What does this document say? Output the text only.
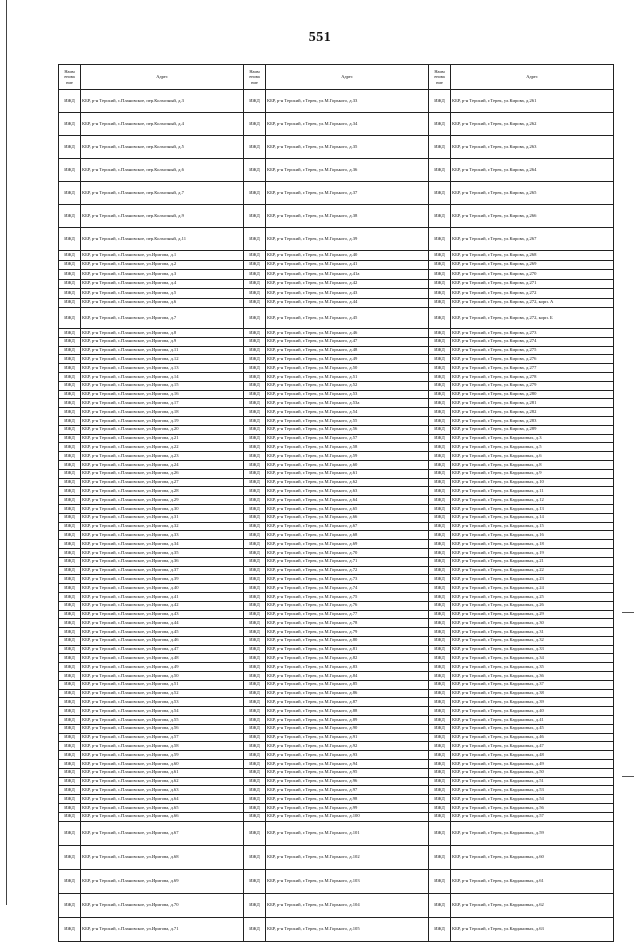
551
Наим
енова
ние	Адрес	Наим
енова
ние	Адрес	Наим
енова
ние	Адрес
ИЖД	КБР, р-н Терский, с.Плановское, пер.Колхозный, д.3	ИЖД	КБР, р-н Терский, г.Терек, ул.М.Горького, д.33	ИЖД	КБР, р-н Терский, г.Терек, ул.Кирова, д.261
ИЖД	КБР, р-н Терский, с.Плановское, пер.Колхозный, д.4	ИЖД	КБР, р-н Терский, г.Терек, ул.М.Горького, д.34	ИЖД	КБР, р-н Терский, г.Терек, ул.Кирова, д.262
ИЖД	КБР, р-н Терский, с.Плановское, пер.Колхозный, д.5	ИЖД	КБР, р-н Терский, г.Терек, ул.М.Горького, д.35	ИЖД	КБР, р-н Терский, г.Терек, ул.Кирова, д.263
ИЖД	КБР, р-н Терский, с.Плановское, пер.Колхозный, д.6	ИЖД	КБР, р-н Терский, г.Терек, ул.М.Горького, д.36	ИЖД	КБР, р-н Терский, г.Терек, ул.Кирова, д.264
ИЖД	КБР, р-н Терский, с.Плановское, пер.Колхозный, д.7	ИЖД	КБР, р-н Терский, г.Терек, ул.М.Горького, д.37	ИЖД	КБР, р-н Терский, г.Терек, ул.Кирова, д.265
ИЖД	КБР, р-н Терский, с.Плановское, пер.Колхозный, д.9	ИЖД	КБР, р-н Терский, г.Терек, ул.М.Горького, д.38	ИЖД	КБР, р-н Терский, г.Терек, ул.Кирова, д.266
ИЖД	КБР, р-н Терский, с.Плановское, пер.Колхозный, д.11	ИЖД	КБР, р-н Терский, г.Терек, ул.М.Горького, д.39	ИЖД	КБР, р-н Терский, г.Терек, ул.Кирова, д.267
ИЖД	КБР, р-н Терский, с.Плановское, ул.Иригова, д.1	ИЖД	КБР, р-н Терский, г.Терек, ул.М.Горького, д.40	ИЖД	КБР, р-н Терский, г.Терек, ул.Кирова, д.268
ИЖД	КБР, р-н Терский, с.Плановское, ул.Иригова, д.2	ИЖД	КБР, р-н Терский, г.Терек, ул.М.Горького, д.41	ИЖД	КБР, р-н Терский, г.Терек, ул.Кирова, д.269
ИЖД	КБР, р-н Терский, с.Плановское, ул.Иригова, д.3	ИЖД	КБР, р-н Терский, г.Терек, ул.М.Горького, д.41а	ИЖД	КБР, р-н Терский, г.Терек, ул.Кирова, д.270
ИЖД	КБР, р-н Терский, с.Плановское, ул.Иригова, д.4	ИЖД	КБР, р-н Терский, г.Терек, ул.М.Горького, д.42	ИЖД	КБР, р-н Терский, г.Терек, ул.Кирова, д.271
ИЖД	КБР, р-н Терский, с.Плановское, ул.Иригова, д.5	ИЖД	КБР, р-н Терский, г.Терек, ул.М.Горького, д.43	ИЖД	КБР, р-н Терский, г.Терек, ул.Кирова, д.272
ИЖД	КБР, р-н Терский, с.Плановское, ул.Иригова, д.6	ИЖД	КБР, р-н Терский, г.Терек, ул.М.Горького, д.44	ИЖД	КБР, р-н Терский, г.Терек, ул.Кирова, д.272, корп. А
ИЖД	КБР, р-н Терский, с.Плановское, ул.Иригова, д.7	ИЖД	КБР, р-н Терский, г.Терек, ул.М.Горького, д.45	ИЖД	КБР, р-н Терский, г.Терек, ул.Кирова, д.272, корп. Б
ИЖД	КБР, р-н Терский, с.Плановское, ул.Иригова, д.8	ИЖД	КБР, р-н Терский, г.Терек, ул.М.Горького, д.46	ИЖД	КБР, р-н Терский, г.Терек, ул.Кирова, д.273
ИЖД	КБР, р-н Терский, с.Плановское, ул.Иригова, д.9	ИЖД	КБР, р-н Терский, г.Терек, ул.М.Горького, д.47	ИЖД	КБР, р-н Терский, г.Терек, ул.Кирова, д.274
ИЖД	КБР, р-н Терский, с.Плановское, ул.Иригова, д.11	ИЖД	КБР, р-н Терский, г.Терек, ул.М.Горького, д.48	ИЖД	КБР, р-н Терский, г.Терек, ул.Кирова, д.275
ИЖД	КБР, р-н Терский, с.Плановское, ул.Иригова, д.12	ИЖД	КБР, р-н Терский, г.Терек, ул.М.Горького, д.49	ИЖД	КБР, р-н Терский, г.Терек, ул.Кирова, д.276
ИЖД	КБР, р-н Терский, с.Плановское, ул.Иригова, д.13	ИЖД	КБР, р-н Терский, г.Терек, ул.М.Горького, д.50	ИЖД	КБР, р-н Терский, г.Терек, ул.Кирова, д.277
ИЖД	КБР, р-н Терский, с.Плановское, ул.Иригова, д.14	ИЖД	КБР, р-н Терский, г.Терек, ул.М.Горького, д.51	ИЖД	КБР, р-н Терский, г.Терек, ул.Кирова, д.278
ИЖД	КБР, р-н Терский, с.Плановское, ул.Иригова, д.15	ИЖД	КБР, р-н Терский, г.Терек, ул.М.Горького, д.52	ИЖД	КБР, р-н Терский, г.Терек, ул.Кирова, д.279
ИЖД	КБР, р-н Терский, с.Плановское, ул.Иригова, д.16	ИЖД	КБР, р-н Терский, г.Терек, ул.М.Горького, д.53	ИЖД	КБР, р-н Терский, г.Терек, ул.Кирова, д.280
ИЖД	КБР, р-н Терский, с.Плановское, ул.Иригова, д.17	ИЖД	КБР, р-н Терский, г.Терек, ул.М.Горького, д.53а	ИЖД	КБР, р-н Терский, г.Терек, ул.Кирова, д.281
ИЖД	КБР, р-н Терский, с.Плановское, ул.Иригова, д.18	ИЖД	КБР, р-н Терский, г.Терек, ул.М.Горького, д.54	ИЖД	КБР, р-н Терский, г.Терек, ул.Кирова, д.282
ИЖД	КБР, р-н Терский, с.Плановское, ул.Иригова, д.19	ИЖД	КБР, р-н Терский, г.Терек, ул.М.Горького, д.55	ИЖД	КБР, р-н Терский, г.Терек, ул.Кирова, д.283
ИЖД	КБР, р-н Терский, с.Плановское, ул.Иригова, д.20	ИЖД	КБР, р-н Терский, г.Терек, ул.М.Горького, д.56	ИЖД	КБР, р-н Терский, г.Терек, ул.Кирова, д.289
ИЖД	КБР, р-н Терский, с.Плановское, ул.Иригова, д.21	ИЖД	КБР, р-н Терский, г.Терек, ул.М.Горького, д.57	ИЖД	КБР, р-н Терский, г.Терек, ул.Кардановых, д.3
ИЖД	КБР, р-н Терский, с.Плановское, ул.Иригова, д.22	ИЖД	КБР, р-н Терский, г.Терек, ул.М.Горького, д.58	ИЖД	КБР, р-н Терский, г.Терек, ул.Кардановых, д.5
ИЖД	КБР, р-н Терский, с.Плановское, ул.Иригова, д.23	ИЖД	КБР, р-н Терский, г.Терек, ул.М.Горького, д.59	ИЖД	КБР, р-н Терский, г.Терек, ул.Кардановых, д.6
ИЖД	КБР, р-н Терский, с.Плановское, ул.Иригова, д.24	ИЖД	КБР, р-н Терский, г.Терек, ул.М.Горького, д.60	ИЖД	КБР, р-н Терский, г.Терек, ул.Кардановых, д.8
ИЖД	КБР, р-н Терский, с.Плановское, ул.Иригова, д.26	ИЖД	КБР, р-н Терский, г.Терек, ул.М.Горького, д.61	ИЖД	КБР, р-н Терский, г.Терек, ул.Кардановых, д.9
ИЖД	КБР, р-н Терский, с.Плановское, ул.Иригова, д.27	ИЖД	КБР, р-н Терский, г.Терек, ул.М.Горького, д.62	ИЖД	КБР, р-н Терский, г.Терек, ул.Кардановых, д.10
ИЖД	КБР, р-н Терский, с.Плановское, ул.Иригова, д.28	ИЖД	КБР, р-н Терский, г.Терек, ул.М.Горького, д.63	ИЖД	КБР, р-н Терский, г.Терек, ул.Кардановых, д.11
ИЖД	КБР, р-н Терский, с.Плановское, ул.Иригова, д.29	ИЖД	КБР, р-н Терский, г.Терек, ул.М.Горького, д.64	ИЖД	КБР, р-н Терский, г.Терек, ул.Кардановых, д.12
ИЖД	КБР, р-н Терский, с.Плановское, ул.Иригова, д.30	ИЖД	КБР, р-н Терский, г.Терек, ул.М.Горького, д.65	ИЖД	КБР, р-н Терский, г.Терек, ул.Кардановых, д.13
ИЖД	КБР, р-н Терский, с.Плановское, ул.Иригова, д.31	ИЖД	КБР, р-н Терский, г.Терек, ул.М.Горького, д.66	ИЖД	КБР, р-н Терский, г.Терек, ул.Кардановых, д.14
ИЖД	КБР, р-н Терский, с.Плановское, ул.Иригова, д.32	ИЖД	КБР, р-н Терский, г.Терек, ул.М.Горького, д.67	ИЖД	КБР, р-н Терский, г.Терек, ул.Кардановых, д.15
ИЖД	КБР, р-н Терский, с.Плановское, ул.Иригова, д.33	ИЖД	КБР, р-н Терский, г.Терек, ул.М.Горького, д.68	ИЖД	КБР, р-н Терский, г.Терек, ул.Кардановых, д.16
ИЖД	КБР, р-н Терский, с.Плановское, ул.Иригова, д.34	ИЖД	КБР, р-н Терский, г.Терек, ул.М.Горького, д.69	ИЖД	КБР, р-н Терский, г.Терек, ул.Кардановых, д.18
ИЖД	КБР, р-н Терский, с.Плановское, ул.Иригова, д.35	ИЖД	КБР, р-н Терский, г.Терек, ул.М.Горького, д.70	ИЖД	КБР, р-н Терский, г.Терек, ул.Кардановых, д.19
ИЖД	КБР, р-н Терский, с.Плановское, ул.Иригова, д.36	ИЖД	КБР, р-н Терский, г.Терек, ул.М.Горького, д.71	ИЖД	КБР, р-н Терский, г.Терек, ул.Кардановых, д.21
ИЖД	КБР, р-н Терский, с.Плановское, ул.Иригова, д.37	ИЖД	КБР, р-н Терский, г.Терек, ул.М.Горького, д.72	ИЖД	КБР, р-н Терский, г.Терек, ул.Кардановых, д.22
ИЖД	КБР, р-н Терский, с.Плановское, ул.Иригова, д.39	ИЖД	КБР, р-н Терский, г.Терек, ул.М.Горького, д.73	ИЖД	КБР, р-н Терский, г.Терек, ул.Кардановых, д.23
ИЖД	КБР, р-н Терский, с.Плановское, ул.Иригова, д.40	ИЖД	КБР, р-н Терский, г.Терек, ул.М.Горького, д.74	ИЖД	КБР, р-н Терский, г.Терек, ул.Кардановых, д.24
ИЖД	КБР, р-н Терский, с.Плановское, ул.Иригова, д.41	ИЖД	КБР, р-н Терский, г.Терек, ул.М.Горького, д.75	ИЖД	КБР, р-н Терский, г.Терек, ул.Кардановых, д.25
ИЖД	КБР, р-н Терский, с.Плановское, ул.Иригова, д.42	ИЖД	КБР, р-н Терский, г.Терек, ул.М.Горького, д.76	ИЖД	КБР, р-н Терский, г.Терек, ул.Кардановых, д.26
ИЖД	КБР, р-н Терский, с.Плановское, ул.Иригова, д.43	ИЖД	КБР, р-н Терский, г.Терек, ул.М.Горького, д.77	ИЖД	КБР, р-н Терский, г.Терек, ул.Кардановых, д.29
ИЖД	КБР, р-н Терский, с.Плановское, ул.Иригова, д.44	ИЖД	КБР, р-н Терский, г.Терек, ул.М.Горького, д.78	ИЖД	КБР, р-н Терский, г.Терек, ул.Кардановых, д.30
ИЖД	КБР, р-н Терский, с.Плановское, ул.Иригова, д.45	ИЖД	КБР, р-н Терский, г.Терек, ул.М.Горького, д.79	ИЖД	КБР, р-н Терский, г.Терек, ул.Кардановых, д.31
ИЖД	КБР, р-н Терский, с.Плановское, ул.Иригова, д.46	ИЖД	КБР, р-н Терский, г.Терек, ул.М.Горького, д.80	ИЖД	КБР, р-н Терский, г.Терек, ул.Кардановых, д.32
ИЖД	КБР, р-н Терский, с.Плановское, ул.Иригова, д.47	ИЖД	КБР, р-н Терский, г.Терек, ул.М.Горького, д.81	ИЖД	КБР, р-н Терский, г.Терек, ул.Кардановых, д.33
ИЖД	КБР, р-н Терский, с.Плановское, ул.Иригова, д.48	ИЖД	КБР, р-н Терский, г.Терек, ул.М.Горького, д.82	ИЖД	КБР, р-н Терский, г.Терек, ул.Кардановых, д.34
ИЖД	КБР, р-н Терский, с.Плановское, ул.Иригова, д.49	ИЖД	КБР, р-н Терский, г.Терек, ул.М.Горького, д.83	ИЖД	КБР, р-н Терский, г.Терек, ул.Кардановых, д.35
ИЖД	КБР, р-н Терский, с.Плановское, ул.Иригова, д.50	ИЖД	КБР, р-н Терский, г.Терек, ул.М.Горького, д.84	ИЖД	КБР, р-н Терский, г.Терек, ул.Кардановых, д.36
ИЖД	КБР, р-н Терский, с.Плановское, ул.Иригова, д.51	ИЖД	КБР, р-н Терский, г.Терек, ул.М.Горького, д.85	ИЖД	КБР, р-н Терский, г.Терек, ул.Кардановых, д.37
ИЖД	КБР, р-н Терский, с.Плановское, ул.Иригова, д.52	ИЖД	КБР, р-н Терский, г.Терек, ул.М.Горького, д.86	ИЖД	КБР, р-н Терский, г.Терек, ул.Кардановых, д.38
ИЖД	КБР, р-н Терский, с.Плановское, ул.Иригова, д.53	ИЖД	КБР, р-н Терский, г.Терек, ул.М.Горького, д.87	ИЖД	КБР, р-н Терский, г.Терек, ул.Кардановых, д.39
ИЖД	КБР, р-н Терский, с.Плановское, ул.Иригова, д.54	ИЖД	КБР, р-н Терский, г.Терек, ул.М.Горького, д.88	ИЖД	КБР, р-н Терский, г.Терек, ул.Кардановых, д.40
ИЖД	КБР, р-н Терский, с.Плановское, ул.Иригова, д.55	ИЖД	КБР, р-н Терский, г.Терек, ул.М.Горького, д.89	ИЖД	КБР, р-н Терский, г.Терек, ул.Кардановых, д.41
ИЖД	КБР, р-н Терский, с.Плановское, ул.Иригова, д.56	ИЖД	КБР, р-н Терский, г.Терек, ул.М.Горького, д.90	ИЖД	КБР, р-н Терский, г.Терек, ул.Кардановых, д.45
ИЖД	КБР, р-н Терский, с.Плановское, ул.Иригова, д.57	ИЖД	КБР, р-н Терский, г.Терек, ул.М.Горького, д.91	ИЖД	КБР, р-н Терский, г.Терек, ул.Кардановых, д.46
ИЖД	КБР, р-н Терский, с.Плановское, ул.Иригова, д.58	ИЖД	КБР, р-н Терский, г.Терек, ул.М.Горького, д.92	ИЖД	КБР, р-н Терский, г.Терек, ул.Кардановых, д.47
ИЖД	КБР, р-н Терский, с.Плановское, ул.Иригова, д.59	ИЖД	КБР, р-н Терский, г.Терек, ул.М.Горького, д.93	ИЖД	КБР, р-н Терский, г.Терек, ул.Кардановых, д.48
ИЖД	КБР, р-н Терский, с.Плановское, ул.Иригова, д.60	ИЖД	КБР, р-н Терский, г.Терек, ул.М.Горького, д.94	ИЖД	КБР, р-н Терский, г.Терек, ул.Кардановых, д.49
ИЖД	КБР, р-н Терский, с.Плановское, ул.Иригова, д.61	ИЖД	КБР, р-н Терский, г.Терек, ул.М.Горького, д.95	ИЖД	КБР, р-н Терский, г.Терек, ул.Кардановых, д.50
ИЖД	КБР, р-н Терский, с.Плановское, ул.Иригова, д.62	ИЖД	КБР, р-н Терский, г.Терек, ул.М.Горького, д.96	ИЖД	КБР, р-н Терский, г.Терек, ул.Кардановых, д.51
ИЖД	КБР, р-н Терский, с.Плановское, ул.Иригова, д.63	ИЖД	КБР, р-н Терский, г.Терек, ул.М.Горького, д.97	ИЖД	КБР, р-н Терский, г.Терек, ул.Кардановых, д.53
ИЖД	КБР, р-н Терский, с.Плановское, ул.Иригова, д.64	ИЖД	КБР, р-н Терский, г.Терек, ул.М.Горького, д.98	ИЖД	КБР, р-н Терский, г.Терек, ул.Кардановых, д.54
ИЖД	КБР, р-н Терский, с.Плановское, ул.Иригова, д.65	ИЖД	КБР, р-н Терский, г.Терек, ул.М.Горького, д.99	ИЖД	КБР, р-н Терский, г.Терек, ул.Кардановых, д.56
ИЖД	КБР, р-н Терский, с.Плановское, ул.Иригова, д.66	ИЖД	КБР, р-н Терский, г.Терек, ул.М.Горького, д.100	ИЖД	КБР, р-н Терский, г.Терек, ул.Кардановых, д.57
ИЖД	КБР, р-н Терский, с.Плановское, ул.Иригова, д.67	ИЖД	КБР, р-н Терский, г.Терек, ул.М.Горького, д.101	ИЖД	КБР, р-н Терский, г.Терек, ул.Кардановых, д.59
ИЖД	КБР, р-н Терский, с.Плановское, ул.Иригова, д.68	ИЖД	КБР, р-н Терский, г.Терек, ул.М.Горького, д.102	ИЖД	КБР, р-н Терский, г.Терек, ул.Кардановых, д.60
ИЖД	КБР, р-н Терский, с.Плановское, ул.Иригова, д.69	ИЖД	КБР, р-н Терский, г.Терек, ул.М.Горького, д.103	ИЖД	КБР, р-н Терский, г.Терек, ул.Кардановых, д.61
ИЖД	КБР, р-н Терский, с.Плановское, ул.Иригова, д.70	ИЖД	КБР, р-н Терский, г.Терек, ул.М.Горького, д.104	ИЖД	КБР, р-н Терский, г.Терек, ул.Кардановых, д.62
ИЖД	КБР, р-н Терский, с.Плановское, ул.Иригова, д.71	ИЖД	КБР, р-н Терский, г.Терек, ул.М.Горького, д.105	ИЖД	КБР, р-н Терский, г.Терек, ул.Кардановых, д.63
